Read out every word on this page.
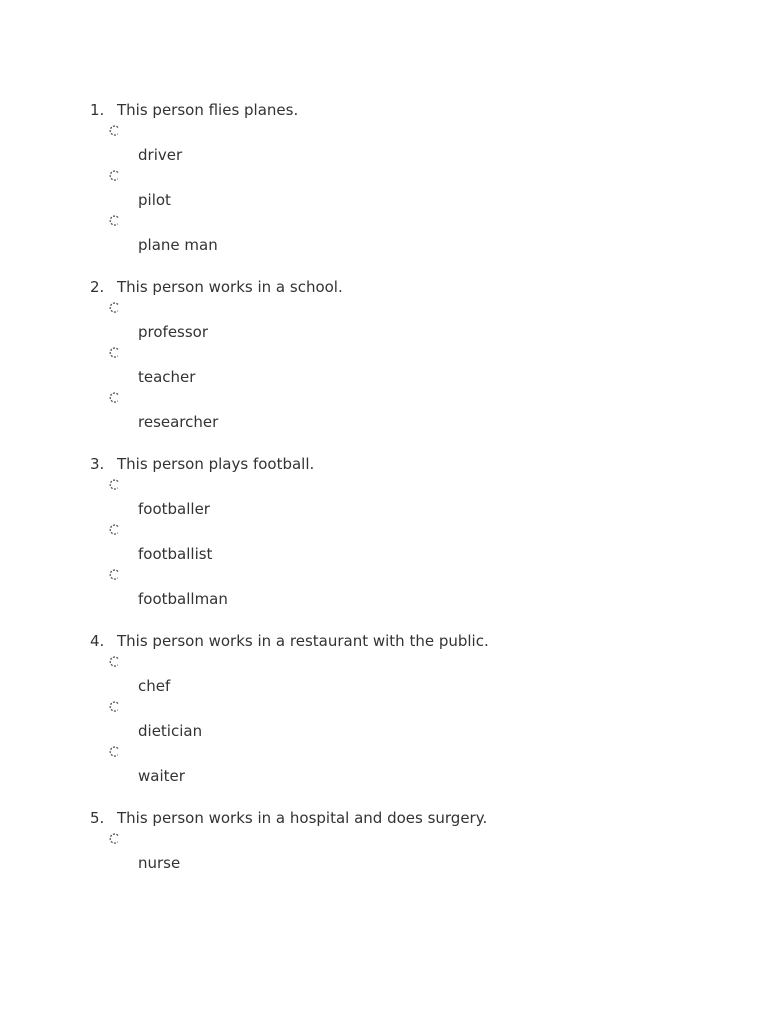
1. This person flies planes.
driver
pilot
plane man
2. This person works in a school.
professor
teacher
researcher
3. This person plays football.
footballer
footballist
footballman
4. This person works in a restaurant with the public.
chef
dietician
waiter
5. This person works in a hospital and does surgery.
nurse
